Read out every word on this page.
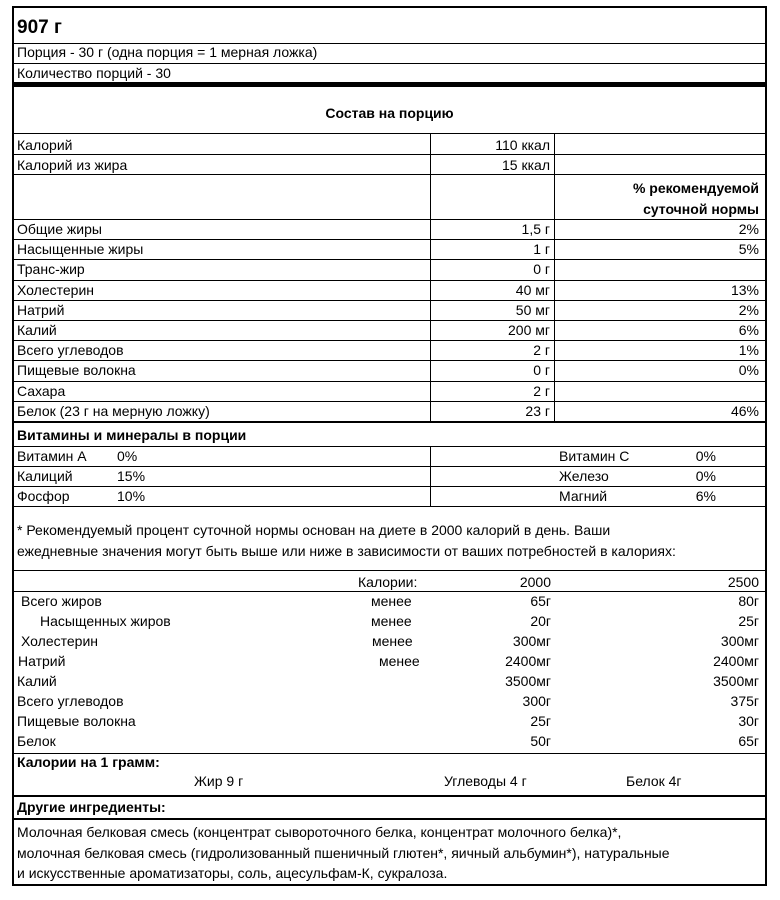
907 г
Порция - 30 г (одна порция = 1 мерная ложка)
Количество порций - 30
Состав на порцию
Калорий	110 ккал
Калорий из жира	15 ккал
% рекомендуемой
суточной нормы
Общие жиры	1,5 г	2%
Насыщенные жиры	1 г	5%
Транс-жир	0 г
Холестерин	40 мг	13%
Натрий	50 мг	2%
Калий	200 мг	6%
Всего углеводов	2 г	1%
Пищевые волокна	0 г	0%
Сахара	2 г
Белок (23 г на мерную ложку)	23 г	46%
Витамины и минералы в порции
Витамин А 0%	Витамин С	0%
Калиций	15%	Железо	0%
Фосфор	10%	Магний	6%
* Рекомендуемый процент суточной нормы основан на диете в 2000 калорий в день. Ваши
ежедневные значения могут быть выше или ниже в зависимости от ваших потребностей в калориях:
Калории:	2000	2500
Всего жиров	менее	65г	80г
Насыщенных жиров	менее	20г	25г
Холестерин	менее	300мг	300мг
Натрий	менее	2400мг	2400мг
Калий	3500мг	3500мг
Всего углеводов	300г	375г
Пищевые волокна	25г	30г
Белок	50г	65г
Калории на 1 грамм:
Жир 9 г	Углеводы 4 г	Белок 4г
Другие ингредиенты:
Молочная белковая смесь (концентрат сывороточного белка, концентрат молочного белка)*,
молочная белковая смесь (гидролизованный пшеничный глютен*, яичный альбумин*), натуральные
и искусственные ароматизаторы, соль, ацесульфам-К, сукралоза.
